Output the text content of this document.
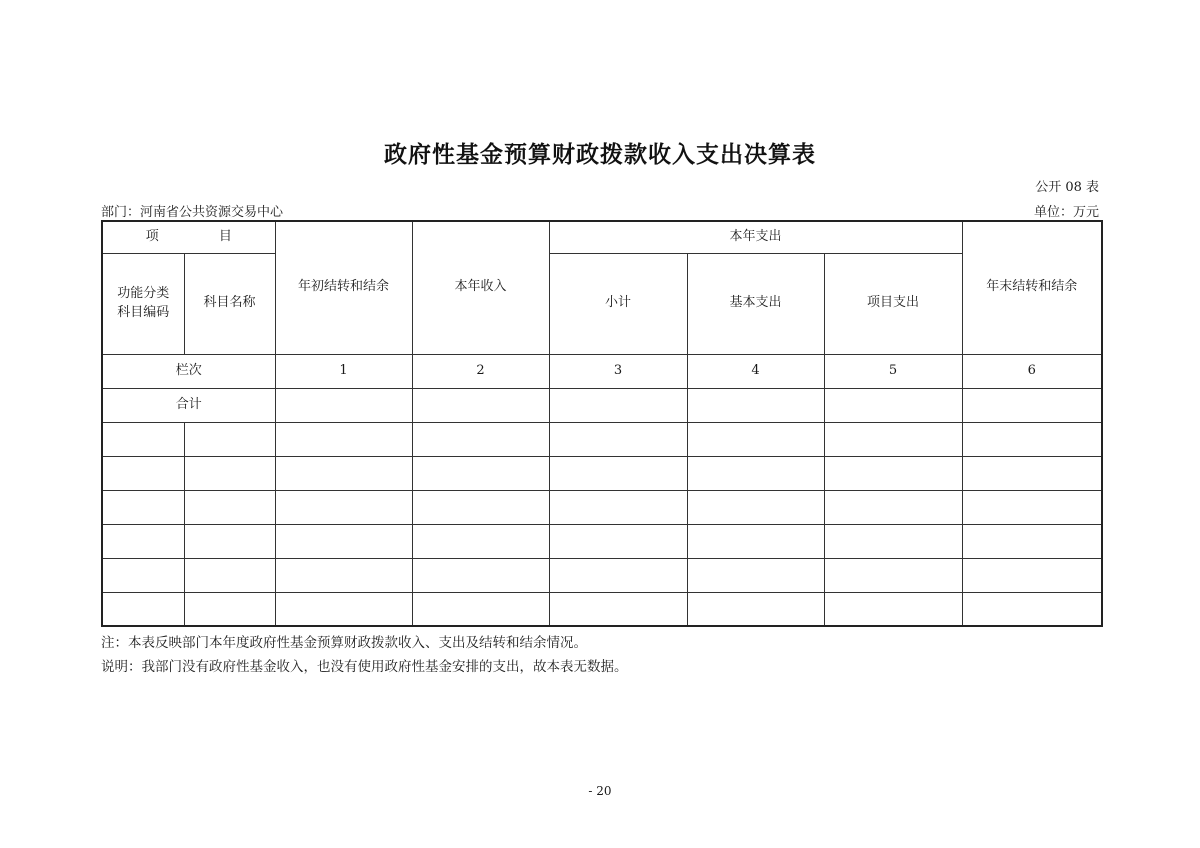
政府性基金预算财政拨款收入支出决算表
公开 08 表
部门：河南省公共资源交易中心	单位：万元
项 目		年初结转和结余	本年收入	本年支出			年末结转和结余
功能分类科目编码	科目名称			小计	基本支出	项目支出	
栏次		1	2	3	4	5	6
合计							

注：本表反映部门本年度政府性基金预算财政拨款收入、支出及结转和结余情况。
说明：我部门没有政府性基金收入，也没有使用政府性基金安排的支出，故本表无数据。
- 20
